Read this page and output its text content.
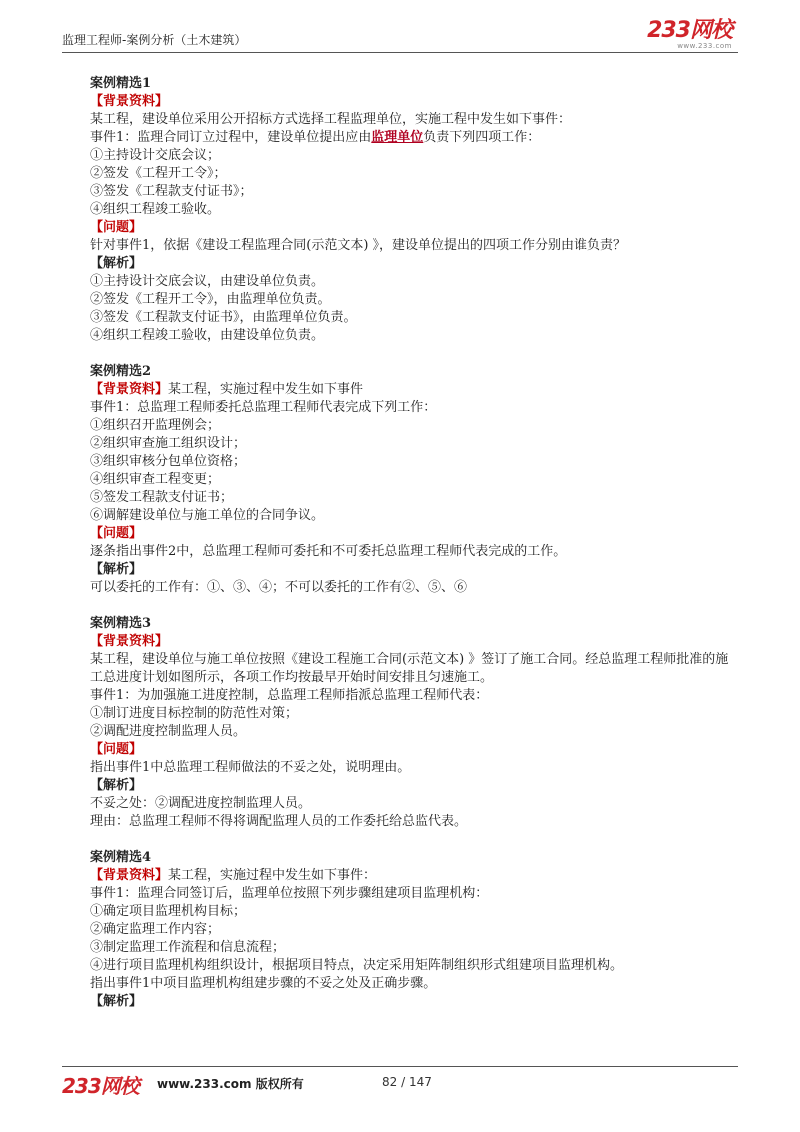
监理工程师-案例分析（土木建筑）	233网校
www.233.com
案例精选1
【背景资料】
某工程，建设单位采用公开招标方式选择工程监理单位，实施工程中发生如下事件：
事件1：监理合同订立过程中，建设单位提出应由监理单位负责下列四项工作：
①主持设计交底会议；
②签发《工程开工令》；
③签发《工程款支付证书》；
④组织工程竣工验收。
【问题】
针对事件1，依据《建设工程监理合同(示范文本) 》，建设单位提出的四项工作分别由谁负责？
【解析】
①主持设计交底会议，由建设单位负责。
②签发《工程开工令》，由监理单位负责。
③签发《工程款支付证书》，由监理单位负责。
④组织工程竣工验收，由建设单位负责。
案例精选2
【背景资料】某工程，实施过程中发生如下事件
事件1：总监理工程师委托总监理工程师代表完成下列工作：
①组织召开监理例会；
②组织审查施工组织设计；
③组织审核分包单位资格；
④组织审查工程变更；
⑤签发工程款支付证书；
⑥调解建设单位与施工单位的合同争议。
【问题】
逐条指出事件2中，总监理工程师可委托和不可委托总监理工程师代表完成的工作。
【解析】
可以委托的工作有：①、③、④；不可以委托的工作有②、⑤、⑥
案例精选3
【背景资料】
某工程，建设单位与施工单位按照《建设工程施工合同(示范文本) 》签订了施工合同。经总监理工程师批准的施工总进度计划如图所示，各项工作均按最早开始时间安排且匀速施工。
事件1：为加强施工进度控制，总监理工程师指派总监理工程师代表：
①制订进度目标控制的防范性对策；
②调配进度控制监理人员。
【问题】
指出事件1中总监理工程师做法的不妥之处，说明理由。
【解析】
不妥之处：②调配进度控制监理人员。
理由：总监理工程师不得将调配监理人员的工作委托给总监代表。
案例精选4
【背景资料】某工程，实施过程中发生如下事件：
事件1：监理合同签订后，监理单位按照下列步骤组建项目监理机构：
①确定项目监理机构目标；
②确定监理工作内容；
③制定监理工作流程和信息流程；
④进行项目监理机构组织设计，根据项目特点，决定采用矩阵制组织形式组建项目监理机构。
指出事件1中项目监理机构组建步骤的不妥之处及正确步骤。
【解析】
233网校 www.233.com 版权所有	82 / 147
